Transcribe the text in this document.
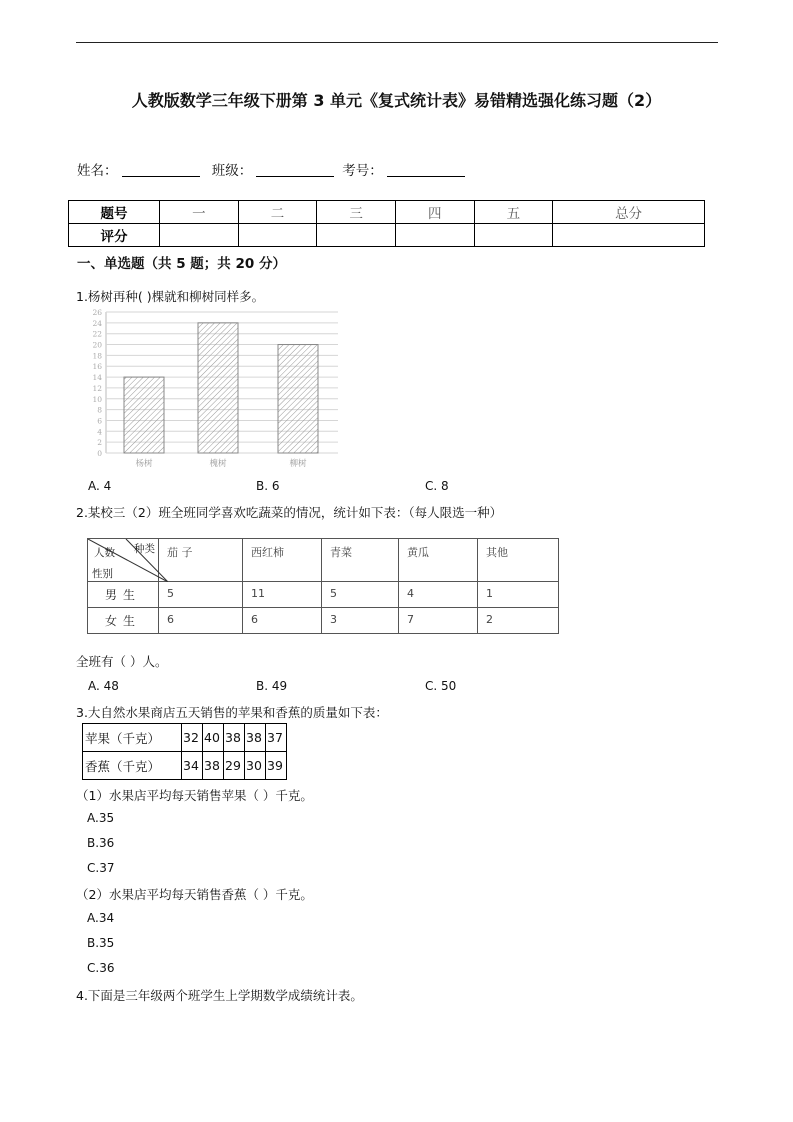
人教版数学三年级下册第 3 单元《复式统计表》易错精选强化练习题（2）
姓名：	班级：	考号：
题号	一	二	三	四	五	总分
评分						
一、单选题（共 5 题；共 20 分）
1.杨树再种( )棵就和柳树同样多。
0
2
4
6
8
10
12
14
16
18
20
22
24
26
杨树	槐树	柳树
A. 4	B. 6	C. 8
2.某校三（2）班全班同学喜欢吃蔬菜的情况，统计如下表：（每人限选一种）
种类
人数
性别	茄 子	西红柿	青菜	黄瓜	其他
男生	5	11	5	4	1
女生	6	6	3	7	2
全班有（ ）人。
A. 48	B. 49	C. 50
3.大自然水果商店五天销售的苹果和香蕉的质量如下表：
苹果（千克）	32	40	38	38	37
香蕉（千克）	34	38	29	30	39
（1）水果店平均每天销售苹果（ ）千克。
A.35
B.36
C.37
（2）水果店平均每天销售香蕉（ ）千克。
A.34
B.35
C.36
4.下面是三年级两个班学生上学期数学成绩统计表。
